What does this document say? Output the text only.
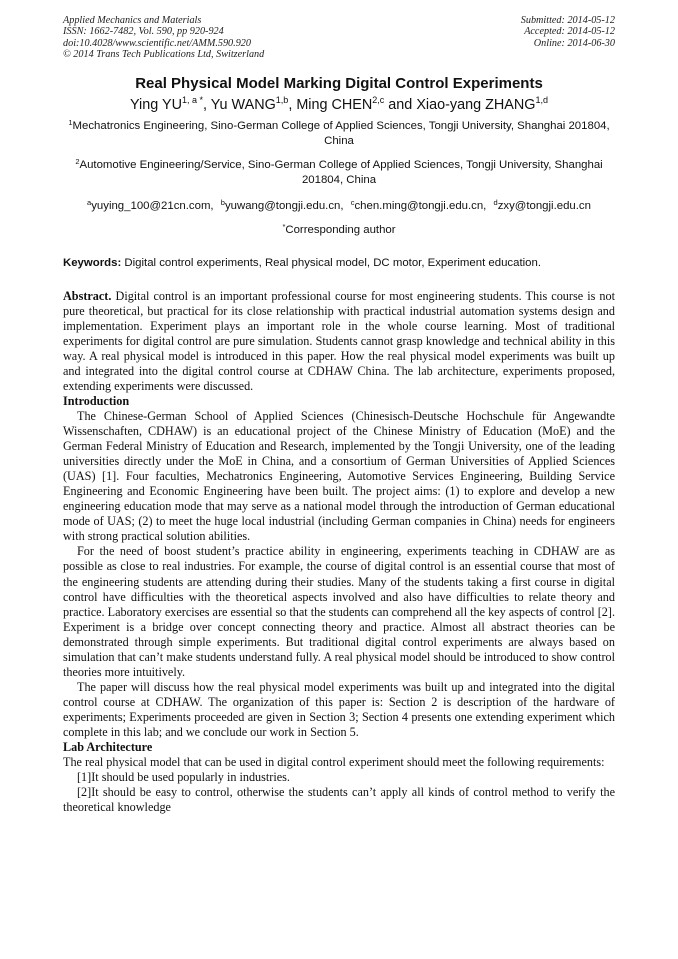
Applied Mechanics and Materials
ISSN: 1662-7482, Vol. 590, pp 920-924
doi:10.4028/www.scientific.net/AMM.590.920
© 2014 Trans Tech Publications Ltd, Switzerland
Submitted: 2014-05-12
Accepted: 2014-05-12
Online: 2014-06-30
Real Physical Model Marking Digital Control Experiments
Ying $YU^{1, a *}$, Yu WANG$^{1,b}$, Ming CHEN$^{2,c}$ and Xiao-yang ZHANG$^{1,d}$
$^1$Mechatronics Engineering, Sino-German College of Applied Sciences, Tongji University, Shanghai 201804, China
$^2$Automotive Engineering/Service, Sino-German College of Applied Sciences, Tongji University, Shanghai 201804, China
$^a$yuying_100@21cn.com, $^b$yuwang@tongji.edu.cn, $^c$chen.ming@tongji.edu.cn, $^d$zxy@tongji.edu.cn
*Corresponding author
Keywords: Digital control experiments, Real physical model, DC motor, Experiment education.
Abstract. Digital control is an important professional course for most engineering students. This course is not pure theoretical, but practical for its close relationship with practical industrial automation systems design and implementation. Experiment plays an important role in the whole course learning. Most of traditional experiments for digital control are pure simulation. Students cannot grasp knowledge and technical ability in this way. A real physical model is introduced in this paper. How the real physical model experiments was built up and integrated into the digital control course at CDHAW China. The lab architecture, experiments proposed, extending experiments were discussed.
Introduction
The Chinese-German School of Applied Sciences (Chinesisch-Deutsche Hochschule für Angewandte Wissenschaften, CDHAW) is an educational project of the Chinese Ministry of Education (MoE) and the German Federal Ministry of Education and Research, implemented by the Tongji University, one of the leading universities directly under the MoE in China, and a consortium of German Universities of Applied Sciences (UAS) [1]. Four faculties, Mechatronics Engineering, Automotive Services Engineering, Building Service Engineering and Economic Engineering have been built. The project aims: (1) to explore and develop a new engineering education mode that may serve as a national model through the introduction of German educational mode of UAS; (2) to meet the huge local industrial (including German companies in China) needs for engineers with strong practical solution abilities.
For the need of boost student’s practice ability in engineering, experiments teaching in CDHAW are as possible as close to real industries. For example, the course of digital control is an essential course that most of the engineering students are attending during their studies. Many of the students taking a first course in digital control have difficulties with the theoretical aspects involved and also have difficulties to relate theory and practice. Laboratory exercises are essential so that the students can comprehend all the key aspects of control [2]. Experiment is a bridge over concept connecting theory and practice. Almost all abstract theories can be demonstrated through simple experiments. But traditional digital control experiments are always based on simulation that can’t make students understand fully. A real physical model should be introduced to show control theories more intuitively.
The paper will discuss how the real physical model experiments was built up and integrated into the digital control course at CDHAW. The organization of this paper is: Section 2 is description of the hardware of experiments; Experiments proceeded are given in Section 3; Section 4 presents one extending experiment which complete in this lab; and we conclude our work in Section 5.
Lab Architecture
The real physical model that can be used in digital control experiment should meet the following requirements:
[1]It should be used popularly in industries.
[2]It should be easy to control, otherwise the students can’t apply all kinds of control method to verify the theoretical knowledge
